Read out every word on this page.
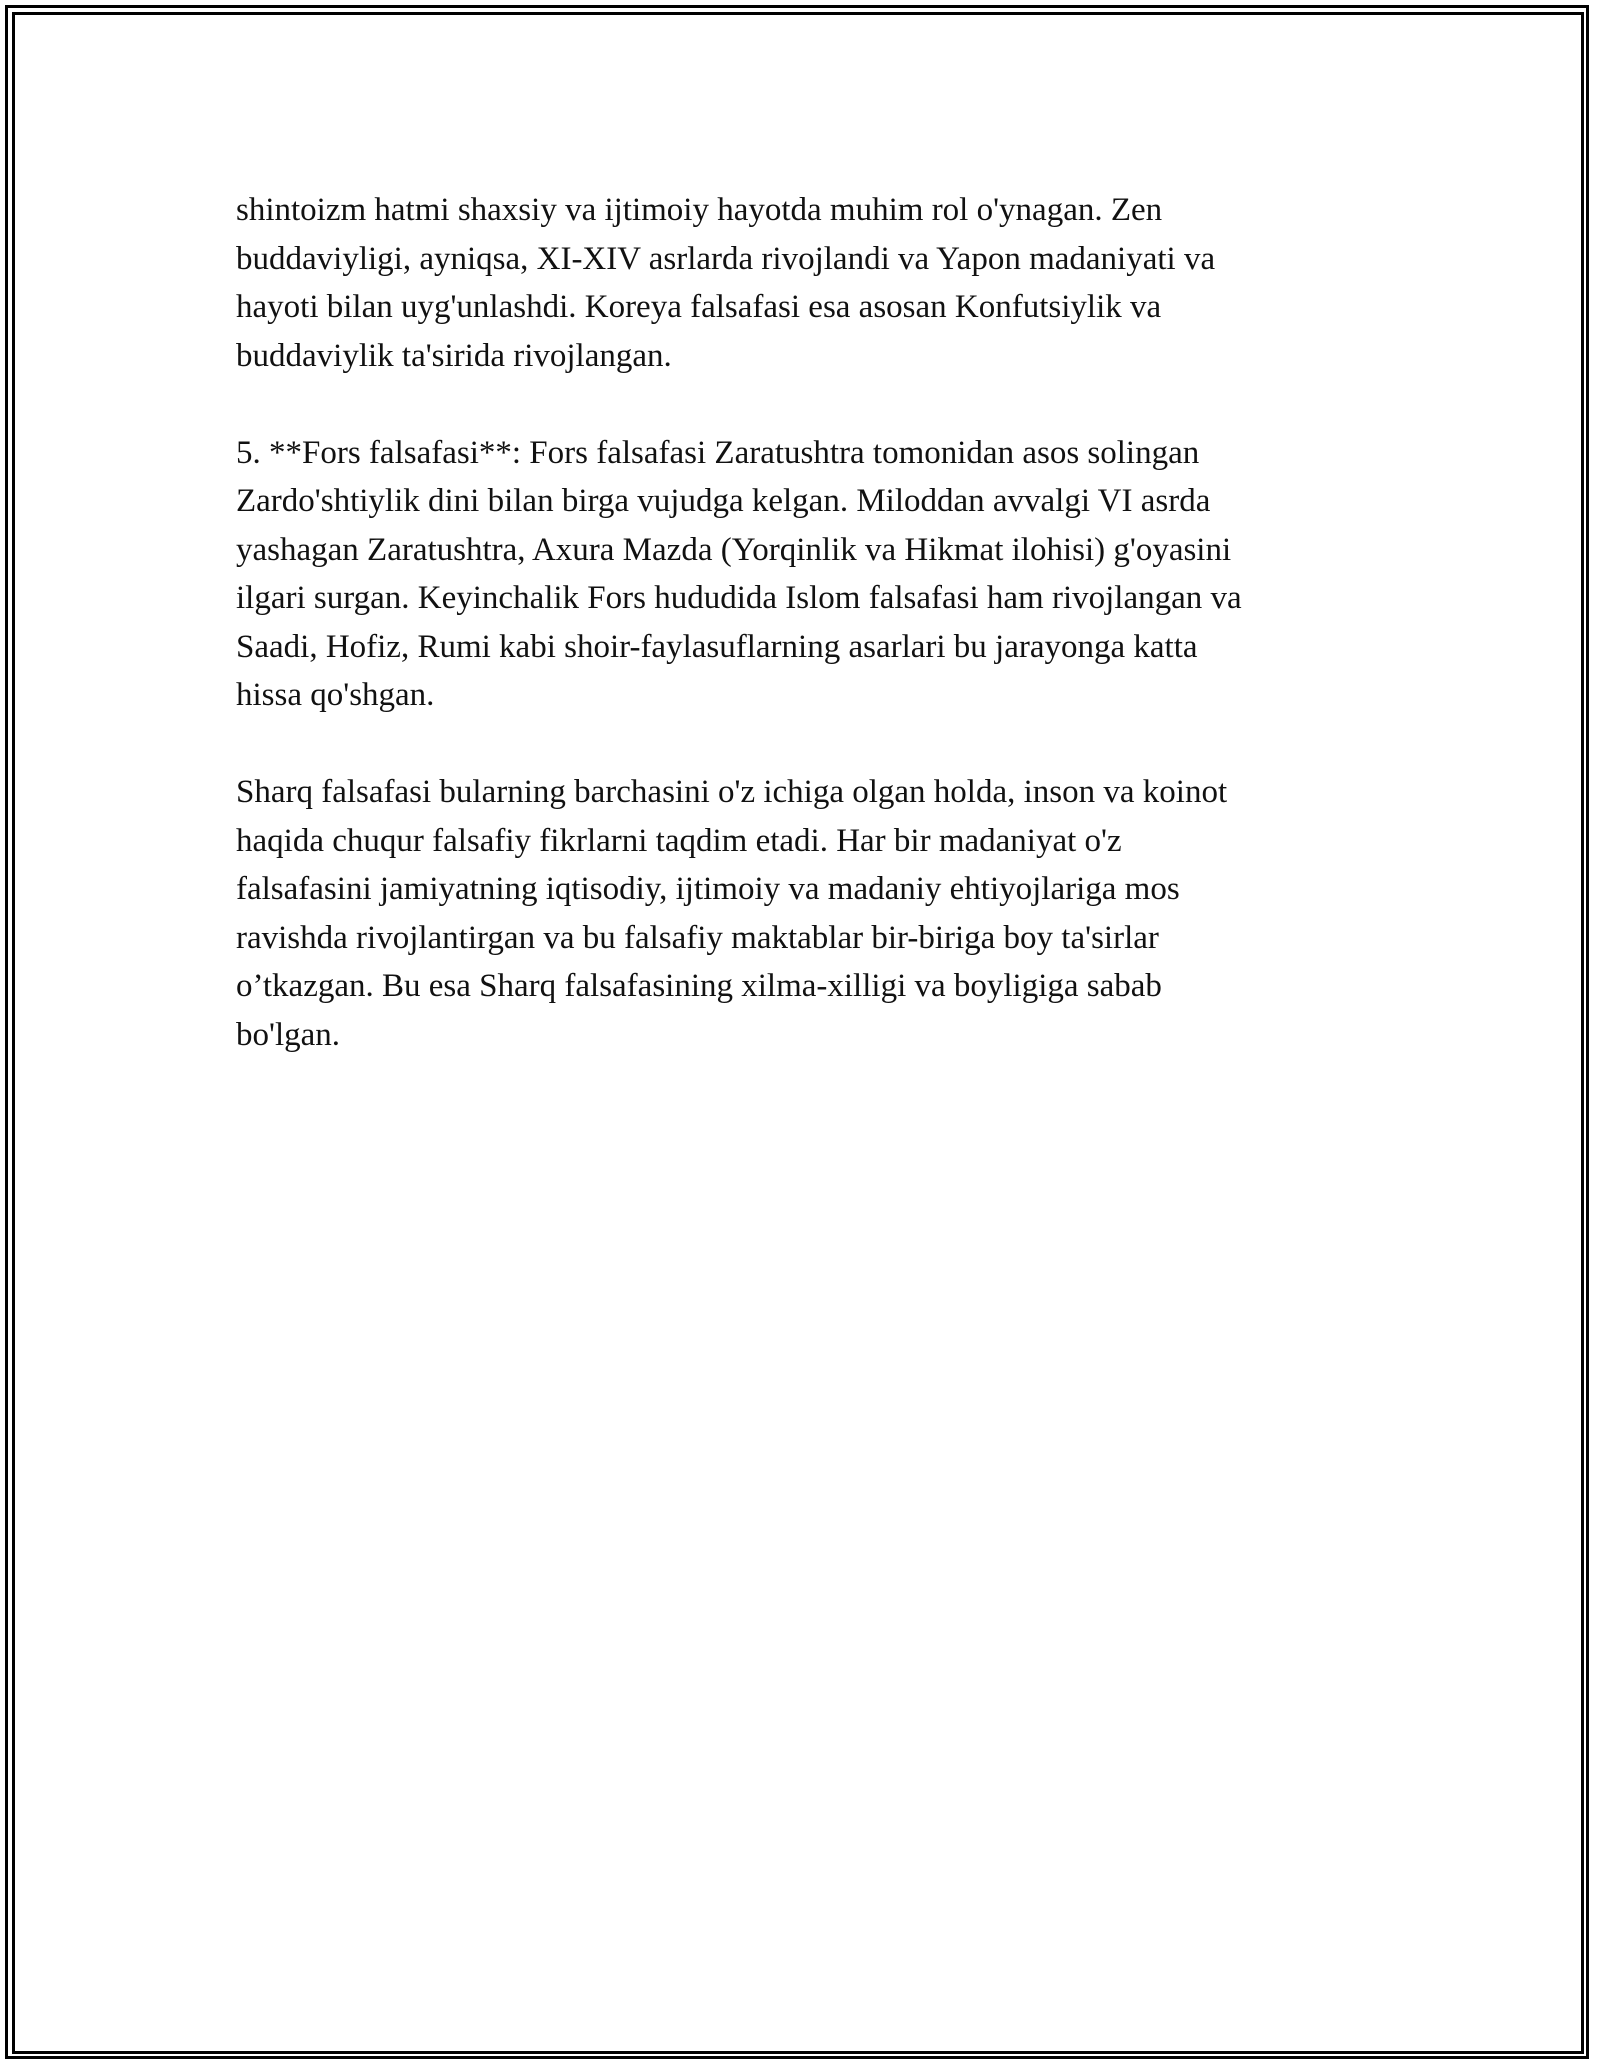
shintoizm hatmi shaxsiy va ijtimoiy hayotda muhim rol o'ynagan. Zen
buddaviyligi, ayniqsa, XI-XIV asrlarda rivojlandi va Yapon madaniyati va
hayoti bilan uyg'unlashdi. Koreya falsafasi esa asosan Konfutsiylik va
buddaviylik ta'sirida rivojlangan.

5. **Fors falsafasi**: Fors falsafasi Zaratushtra tomonidan asos solingan
Zardo'shtiylik dini bilan birga vujudga kelgan. Miloddan avvalgi VI asrda
yashagan Zaratushtra, Axura Mazda (Yorqinlik va Hikmat ilohisi) g'oyasini
ilgari surgan. Keyinchalik Fors hududida Islom falsafasi ham rivojlangan va
Saadi, Hofiz, Rumi kabi shoir-faylasuflarning asarlari bu jarayonga katta
hissa qo'shgan.

Sharq falsafasi bularning barchasini o'z ichiga olgan holda, inson va koinot
haqida chuqur falsafiy fikrlarni taqdim etadi. Har bir madaniyat o'z
falsafasini jamiyatning iqtisodiy, ijtimoiy va madaniy ehtiyojlariga mos
ravishda rivojlantirgan va bu falsafiy maktablar bir-biriga boy ta'sirlar
o’tkazgan. Bu esa Sharq falsafasining xilma-xilligi va boyligiga sabab
bo'lgan.
